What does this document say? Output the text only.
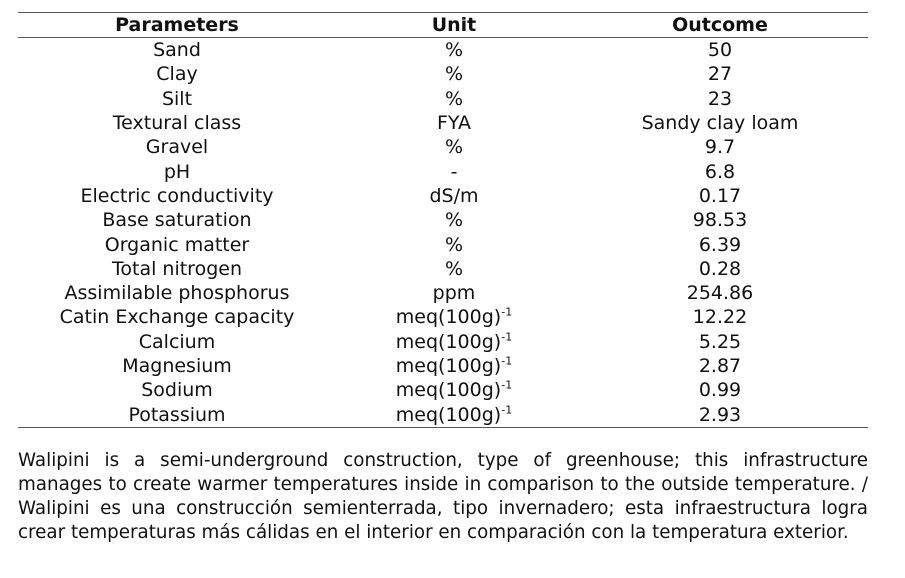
Parameters	Unit	Outcome
Sand	%	50
Clay	%	27
Silt	%	23
Textural class	FYA	Sandy clay loam
Gravel	%	9.7
pH	-	6.8
Electric conductivity	dS/m	0.17
Base saturation	%	98.53
Organic matter	%	6.39
Total nitrogen	%	0.28
Assimilable phosphorus	ppm	254.86
Catin Exchange capacity	$meq(100g)^{-1}$	12.22
Calcium	$meq(100g)^{-1}$	5.25
Magnesium	$meq(100g)^{-1}$	2.87
Sodium	$meq(100g)^{-1}$	0.99
Potassium	$meq(100g)^{-1}$	2.93

Walipini is a semi-underground construction, type of greenhouse; this infrastructure manages to create warmer temperatures inside in comparison to the outside temperature. / Walipini es una construcción semienterrada, tipo invernadero; esta infraestructura logra crear temperaturas más cálidas en el interior en comparación con la temperatura exterior.
